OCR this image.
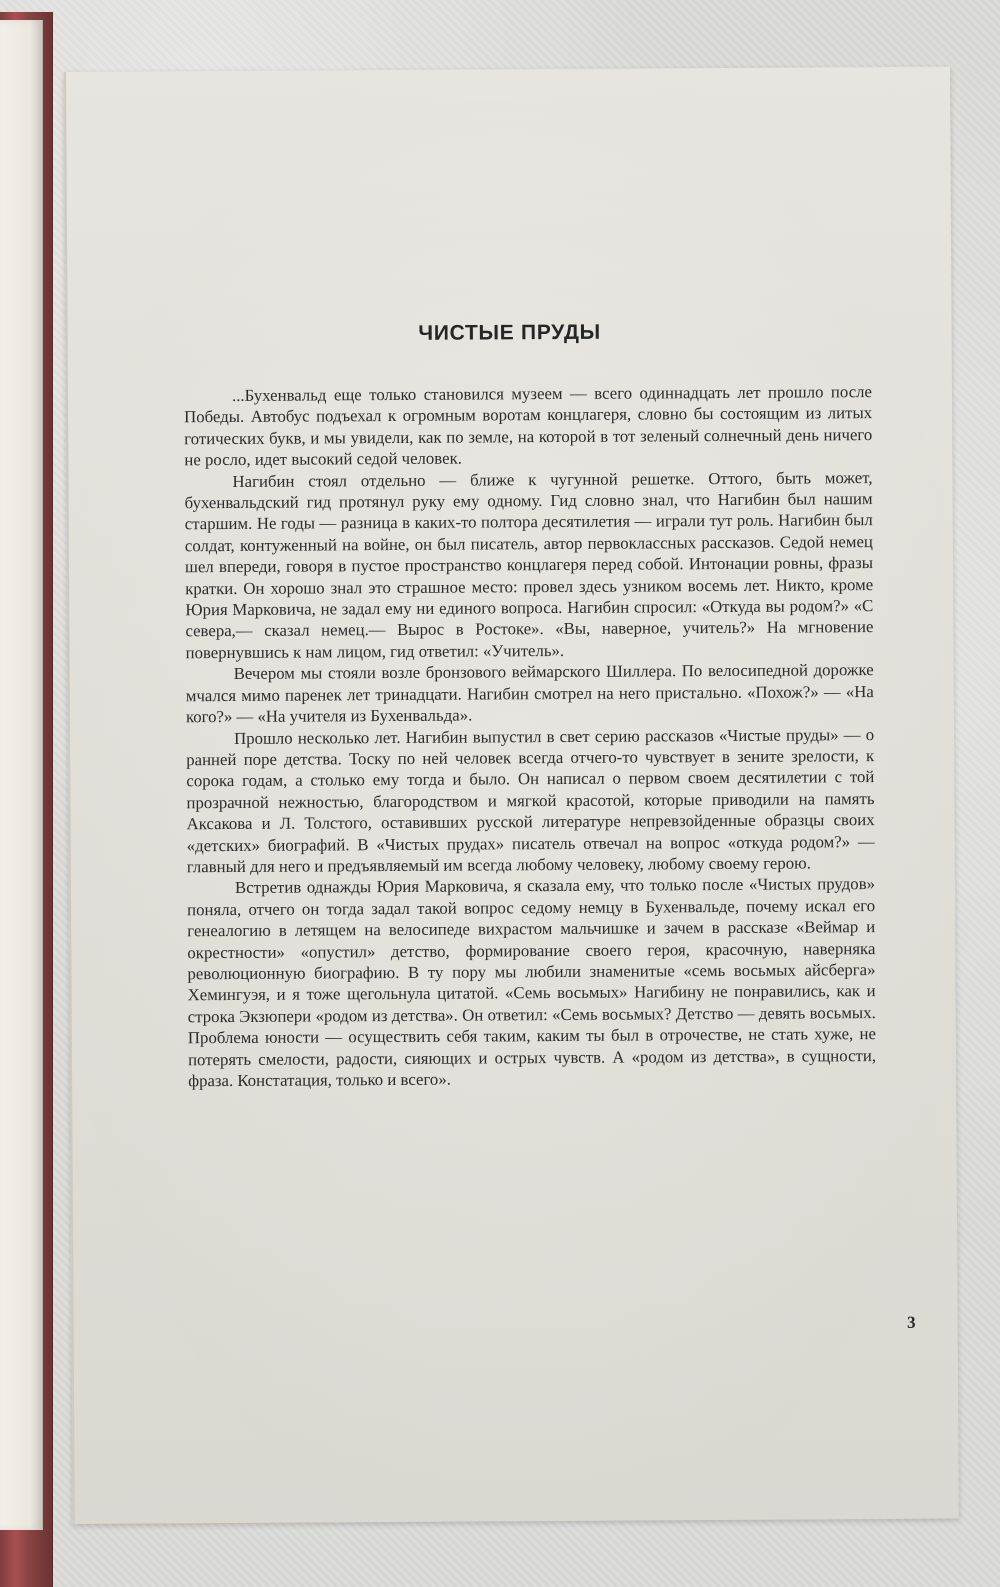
ЧИСТЫЕ ПРУДЫ

...Бухенвальд еще только становился музеем — всего одиннадцать лет прошло после Победы. Автобус подъехал к огромным воротам концлагеря, словно бы состоящим из литых готических букв, и мы увидели, как по земле, на которой в тот зеленый солнечный день ничего не росло, идет высокий седой человек.

Нагибин стоял отдельно — ближе к чугунной решетке. Оттого, быть может, бухенвальдский гид протянул руку ему одному. Гид словно знал, что Нагибин был нашим старшим. Не годы — разница в каких-то полтора десятилетия — играли тут роль. Нагибин был солдат, контуженный на войне, он был писатель, автор первоклассных рассказов. Седой немец шел впереди, говоря в пустое пространство концлагеря перед собой. Интонации ровны, фразы кратки. Он хорошо знал это страшное место: провел здесь узником восемь лет. Никто, кроме Юрия Марковича, не задал ему ни единого вопроса. Нагибин спросил: «Откуда вы родом?» «С севера,— сказал немец.— Вырос в Ростоке». «Вы, наверное, учитель?» На мгновение повернувшись к нам лицом, гид ответил: «Учитель».

Вечером мы стояли возле бронзового веймарского Шиллера. По велосипедной дорожке мчался мимо паренек лет тринадцати. Нагибин смотрел на него пристально. «Похож?» — «На кого?» — «На учителя из Бухенвальда».

Прошло несколько лет. Нагибин выпустил в свет серию рассказов «Чистые пруды» — о ранней поре детства. Тоску по ней человек всегда отчего-то чувствует в зените зрелости, к сорока годам, а столько ему тогда и было. Он написал о первом своем десятилетии с той прозрачной нежностью, благородством и мягкой красотой, которые приводили на память Аксакова и Л. Толстого, оставивших русской литературе непревзойденные образцы своих «детских» биографий. В «Чистых прудах» писатель отвечал на вопрос «откуда родом?» — главный для него и предъявляемый им всегда любому человеку, любому своему герою.

Встретив однажды Юрия Марковича, я сказала ему, что только после «Чистых прудов» поняла, отчего он тогда задал такой вопрос седому немцу в Бухенвальде, почему искал его генеалогию в летящем на велосипеде вихрастом мальчишке и зачем в рассказе «Веймар и окрестности» «опустил» детство, формирование своего героя, красочную, наверняка революционную биографию. В ту пору мы любили знаменитые «семь восьмых айсберга» Хемингуэя, и я тоже щегольнула цитатой. «Семь восьмых» Нагибину не понравились, как и строка Экзюпери «родом из детства». Он ответил: «Семь восьмых? Детство — девять восьмых. Проблема юности — осуществить себя таким, каким ты был в отрочестве, не стать хуже, не потерять смелости, радости, сияющих и острых чувств. А «родом из детства», в сущности, фраза. Констатация, только и всего».

3
